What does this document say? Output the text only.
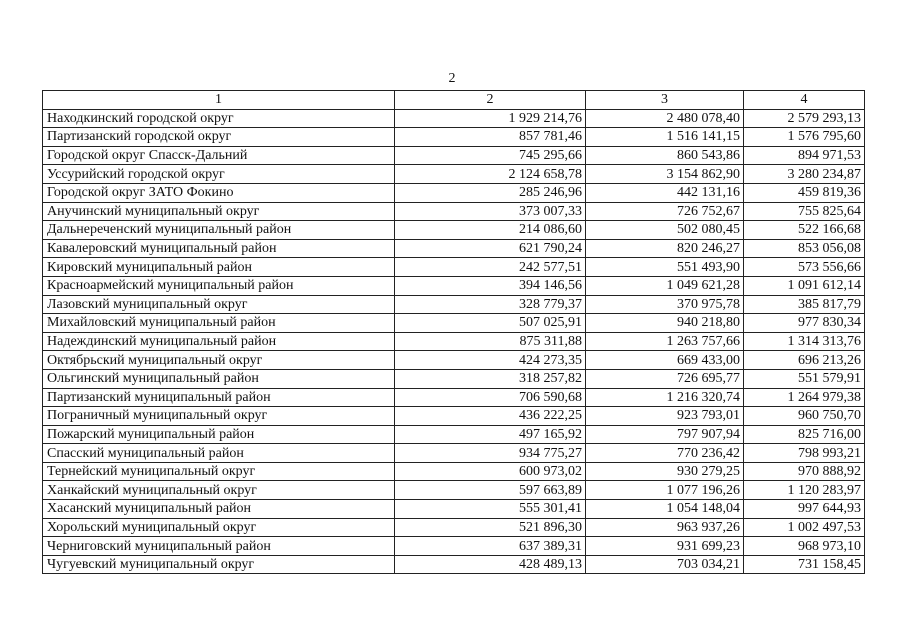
2
1	2	3	4
Находкинский городской округ	1 929 214,76	2 480 078,40	2 579 293,13
Партизанский городской округ	857 781,46	1 516 141,15	1 576 795,60
Городской округ Спасск-Дальний	745 295,66	860 543,86	894 971,53
Уссурийский городской округ	2 124 658,78	3 154 862,90	3 280 234,87
Городской округ ЗАТО Фокино	285 246,96	442 131,16	459 819,36
Анучинский муниципальный округ	373 007,33	726 752,67	755 825,64
Дальнереченский муниципальный район	214 086,60	502 080,45	522 166,68
Кавалеровский муниципальный район	621 790,24	820 246,27	853 056,08
Кировский муниципальный район	242 577,51	551 493,90	573 556,66
Красноармейский муниципальный район	394 146,56	1 049 621,28	1 091 612,14
Лазовский муниципальный округ	328 779,37	370 975,78	385 817,79
Михайловский муниципальный район	507 025,91	940 218,80	977 830,34
Надеждинский муниципальный район	875 311,88	1 263 757,66	1 314 313,76
Октябрьский муниципальный округ	424 273,35	669 433,00	696 213,26
Ольгинский муниципальный район	318 257,82	726 695,77	551 579,91
Партизанский муниципальный район	706 590,68	1 216 320,74	1 264 979,38
Пограничный муниципальный округ	436 222,25	923 793,01	960 750,70
Пожарский муниципальный район	497 165,92	797 907,94	825 716,00
Спасский муниципальный район	934 775,27	770 236,42	798 993,21
Тернейский муниципальный округ	600 973,02	930 279,25	970 888,92
Ханкайский муниципальный округ	597 663,89	1 077 196,26	1 120 283,97
Хасанский муниципальный район	555 301,41	1 054 148,04	997 644,93
Хорольский муниципальный округ	521 896,30	963 937,26	1 002 497,53
Черниговский муниципальный район	637 389,31	931 699,23	968 973,10
Чугуевский муниципальный округ	428 489,13	703 034,21	731 158,45
